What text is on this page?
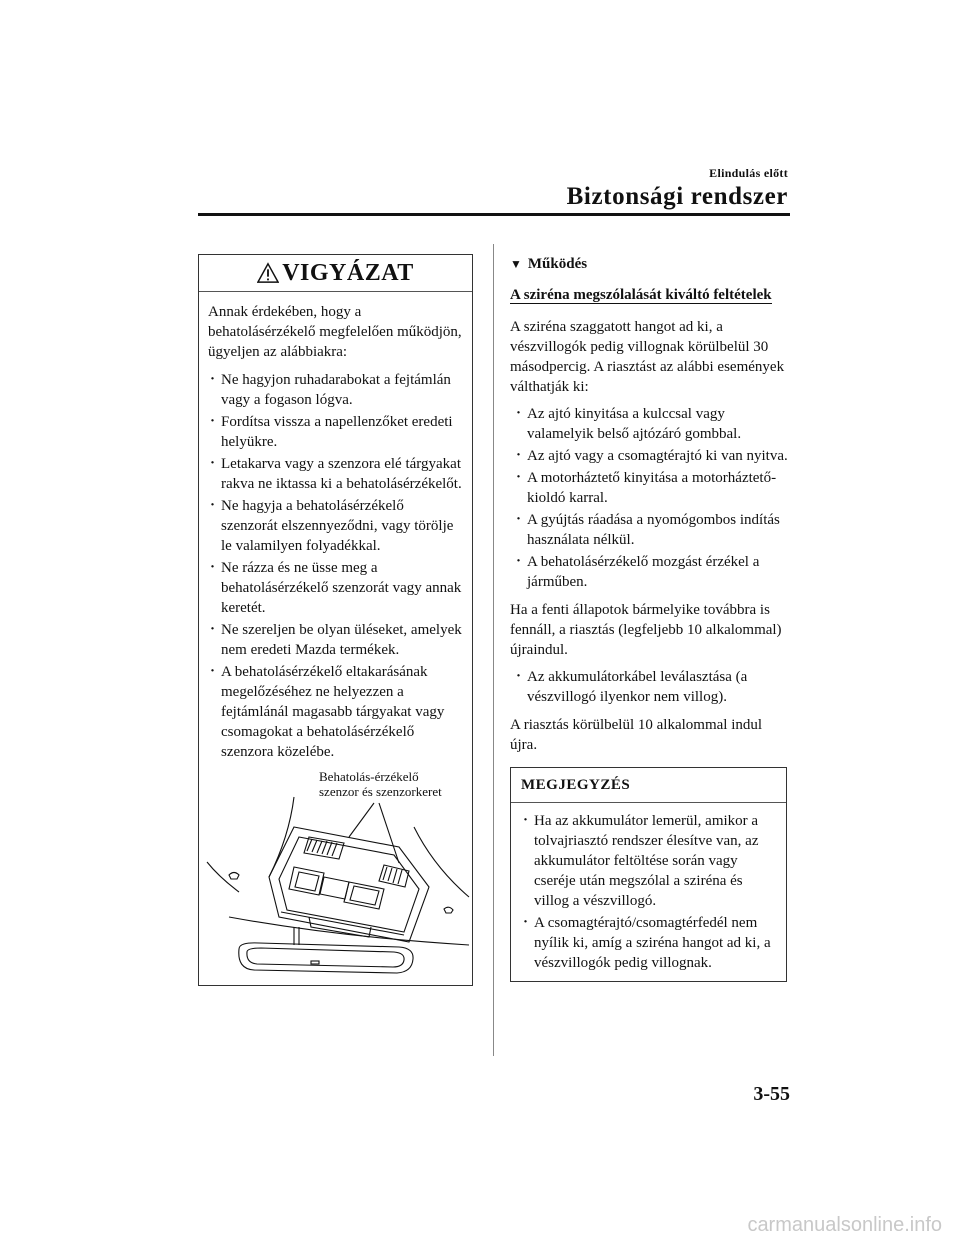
Elindulás előtt
Biztonsági rendszer
VIGYÁZAT

Annak érdekében, hogy a behatolásérzékelő megfelelően működjön, ügyeljen az alábbiakra:

· Ne hagyjon ruhadarabokat a fejtámlán vagy a fogason lógva.
· Fordítsa vissza a napellenzőket eredeti helyükre.
· Letakarva vagy a szenzora elé tárgyakat rakva ne iktassa ki a behatolásérzékelőt.
· Ne hagyja a behatolásérzékelő szenzorát elszennyeződni, vagy törölje le valamilyen folyadékkal.
· Ne rázza és ne üsse meg a behatolásérzékelő szenzorát vagy annak keretét.
· Ne szereljen be olyan üléseket, amelyek nem eredeti Mazda termékek.
· A behatolásérzékelő eltakarásának megelőzéséhez ne helyezzen a fejtámlánál magasabb tárgyakat vagy csomagokat a behatolásérzékelő szenzora közelébe.
Behatolás-érzékelő
szenzor és szenzorkeret
▼ Működés
A sziréna megszólalását kiváltó feltételek

A sziréna szaggatott hangot ad ki, a vészvillogók pedig villognak körülbelül 30 másodpercig. A riasztást az alábbi események válthatják ki:

· Az ajtó kinyitása a kulccsal vagy valamelyik belső ajtózáró gombbal.
· Az ajtó vagy a csomagtérajtó ki van nyitva.
· A motorháztető kinyitása a motorháztető-kioldó karral.
· A gyújtás ráadása a nyomógombos indítás használata nélkül.
· A behatolásérzékelő mozgást érzékel a járműben.

Ha a fenti állapotok bármelyike továbbra is fennáll, a riasztás (legfeljebb 10 alkalommal) újraindul.

· Az akkumulátorkábel leválasztása (a vészvillogó ilyenkor nem villog).

A riasztás körülbelül 10 alkalommal indul újra.

MEGJEGYZÉS
· Ha az akkumulátor lemerül, amikor a tolvajriasztó rendszer élesítve van, az akkumulátor feltöltése során vagy cseréje után megszólal a sziréna és villog a vészvillogó.
· A csomagtérajtó/csomagtérfedél nem nyílik ki, amíg a sziréna hangot ad ki, a vészvillogók pedig villognak.
3-55
carmanualsonline.info
